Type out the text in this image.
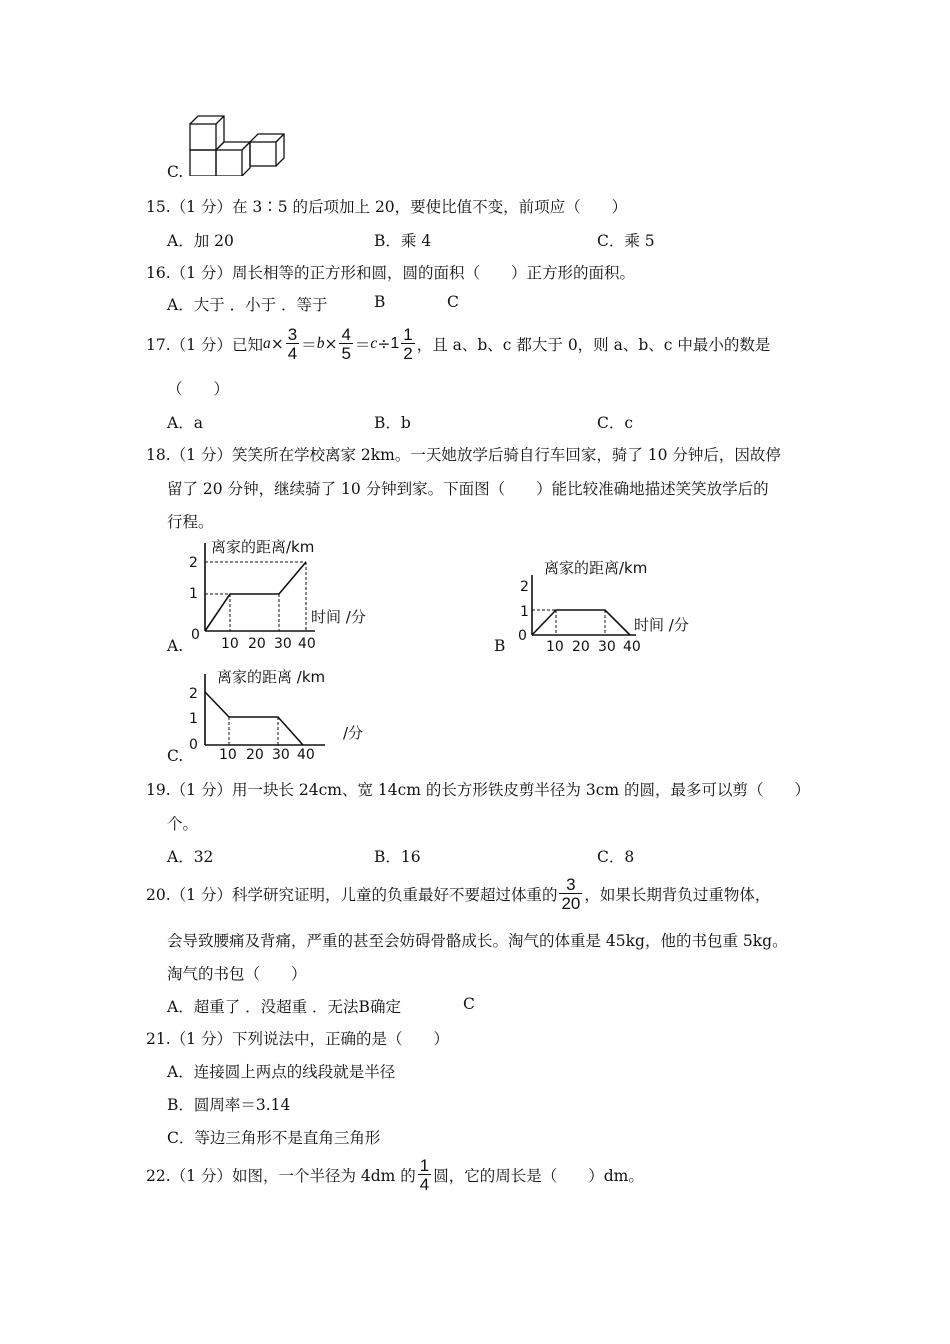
C.
15.（1 分）在 3∶5 的后项加上 20，要使比值不变，前项应（　　）
A．加 20	B．乘 4	C．乘 5
16.（1 分）周长相等的正方形和圆，圆的面积（　　）正方形的面积。
A．大于 ．小于 ．等于	B	C
17.（1 分）已知 $a \times \frac{3}{4} = b \times \frac{4}{5} = c \div 1 \frac{1}{2}$ ，且 a、b、c 都大于 0，则 a、b、c 中最小的数是
（　　）
A．a	B．b	C．c
18.（1 分）笑笑所在学校离家 2km。一天她放学后骑自行车回家，骑了 10 分钟后，因故停
留了 20 分钟，继续骑了 10 分钟到家。下面图（　　）能比较准确地描述笑笑放学后的
行程。
A.
离家的距离/km
时间 /分
2
1
0
10 20 30 40	B
离家的距离/km
时间 /分
2
1
0
10 20 30 40
C.
离家的距离 /km
/分
2
1
0
10 20 30 40
19.（1 分）用一块长 24cm、宽 14cm 的长方形铁皮剪半径为 3cm 的圆，最多可以剪（　　）
个。
A．32	B．16	C．8
20.（1 分）科学研究证明，儿童的负重最好不要超过体重的 $\frac{3}{20}$ ，如果长期背负过重物体，
会导致腰痛及背痛，严重的甚至会妨碍骨骼成长。淘气的体重是 45kg，他的书包重 5kg。
淘气的书包（　　）
A．超重了 ．没超重 ．无法B确定	C
21.（1 分）下列说法中，正确的是（　　）
A．连接圆上两点的线段就是半径
B．圆周率＝3.14
C．等边三角形不是直角三角形
22.（1 分）如图，一个半径为 4dm 的 $\frac{1}{4}$ 圆，它的周长是（　　）dm。
